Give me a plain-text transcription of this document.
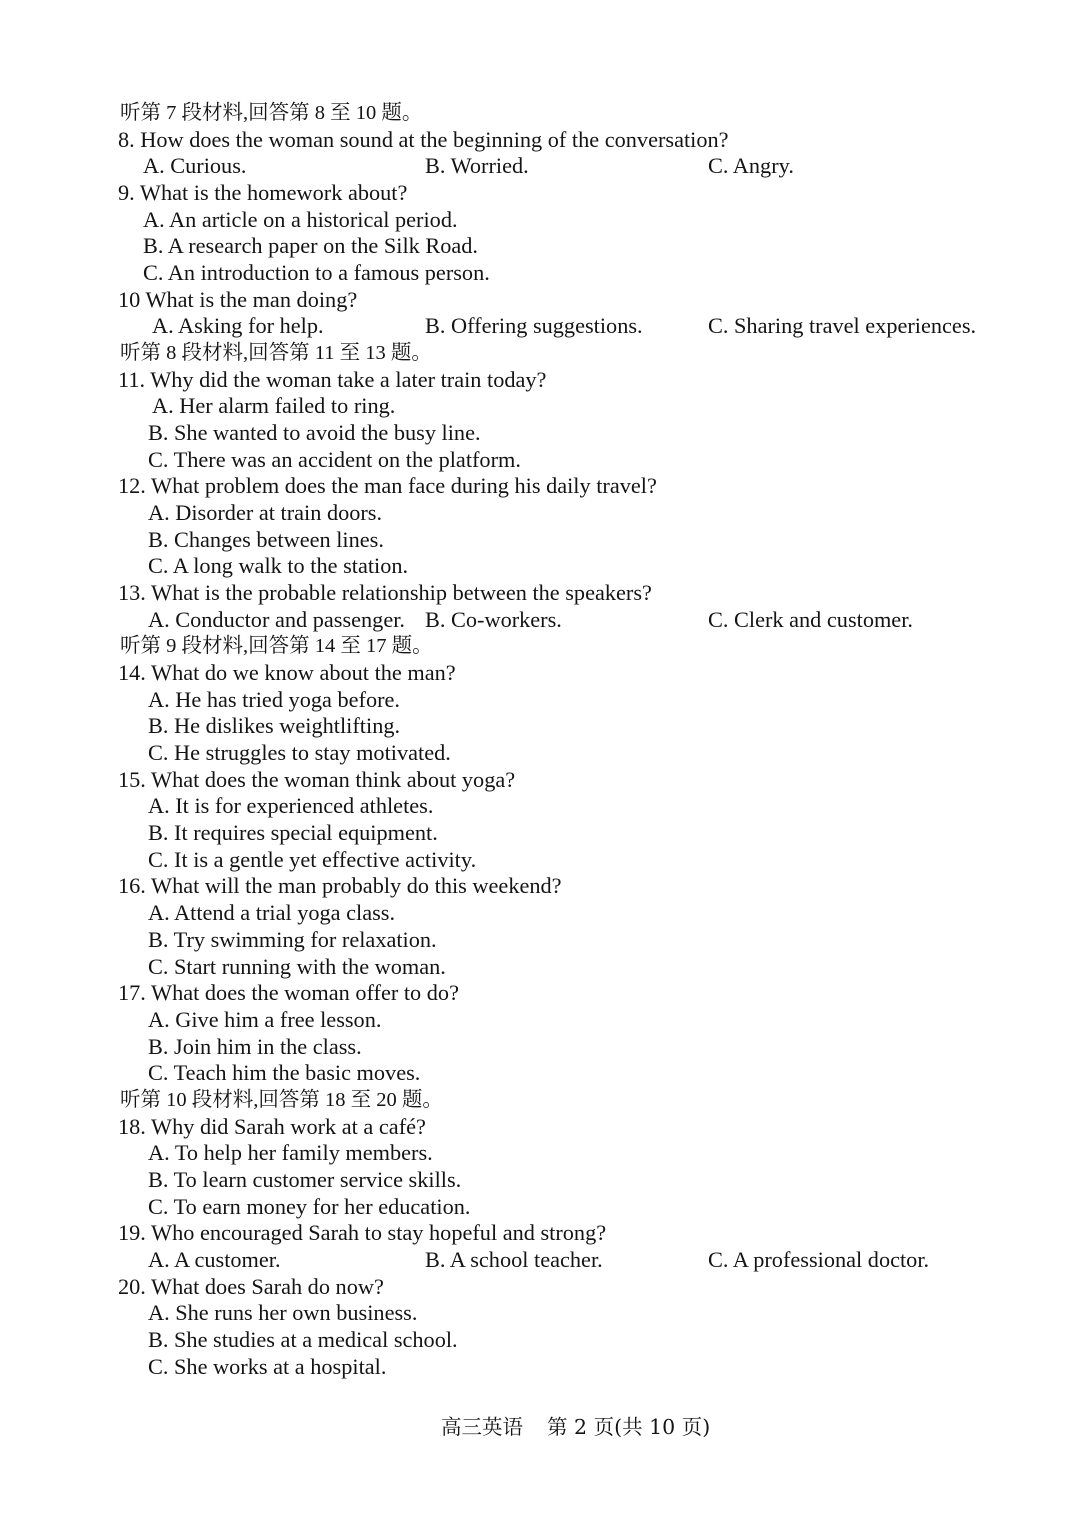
听第 7 段材料,回答第 8 至 10 题。
8. How does the woman sound at the beginning of the conversation?
A. Curious.	B. Worried.	C. Angry.
9. What is the homework about?
A. An article on a historical period.
B. A research paper on the Silk Road.
C. An introduction to a famous person.
10 What is the man doing?
A. Asking for help.	B. Offering suggestions.	C. Sharing travel experiences.
听第 8 段材料,回答第 11 至 13 题。
11. Why did the woman take a later train today?
A. Her alarm failed to ring.
B. She wanted to avoid the busy line.
C. There was an accident on the platform.
12. What problem does the man face during his daily travel?
A. Disorder at train doors.
B. Changes between lines.
C. A long walk to the station.
13. What is the probable relationship between the speakers?
A. Conductor and passenger. B. Co-workers.	C. Clerk and customer.
听第 9 段材料,回答第 14 至 17 题。
14. What do we know about the man?
A. He has tried yoga before.
B. He dislikes weightlifting.
C. He struggles to stay motivated.
15. What does the woman think about yoga?
A. It is for experienced athletes.
B. It requires special equipment.
C. It is a gentle yet effective activity.
16. What will the man probably do this weekend?
A. Attend a trial yoga class.
B. Try swimming for relaxation.
C. Start running with the woman.
17. What does the woman offer to do?
A. Give him a free lesson.
B. Join him in the class.
C. Teach him the basic moves.
听第 10 段材料,回答第 18 至 20 题。
18. Why did Sarah work at a café?
A. To help her family members.
B. To learn customer service skills.
C. To earn money for her education.
19. Who encouraged Sarah to stay hopeful and strong?
A. A customer.	B. A school teacher.	C. A professional doctor.
20. What does Sarah do now?
A. She runs her own business.
B. She studies at a medical school.
C. She works at a hospital.
高三英语 第 2 页(共 10 页)
